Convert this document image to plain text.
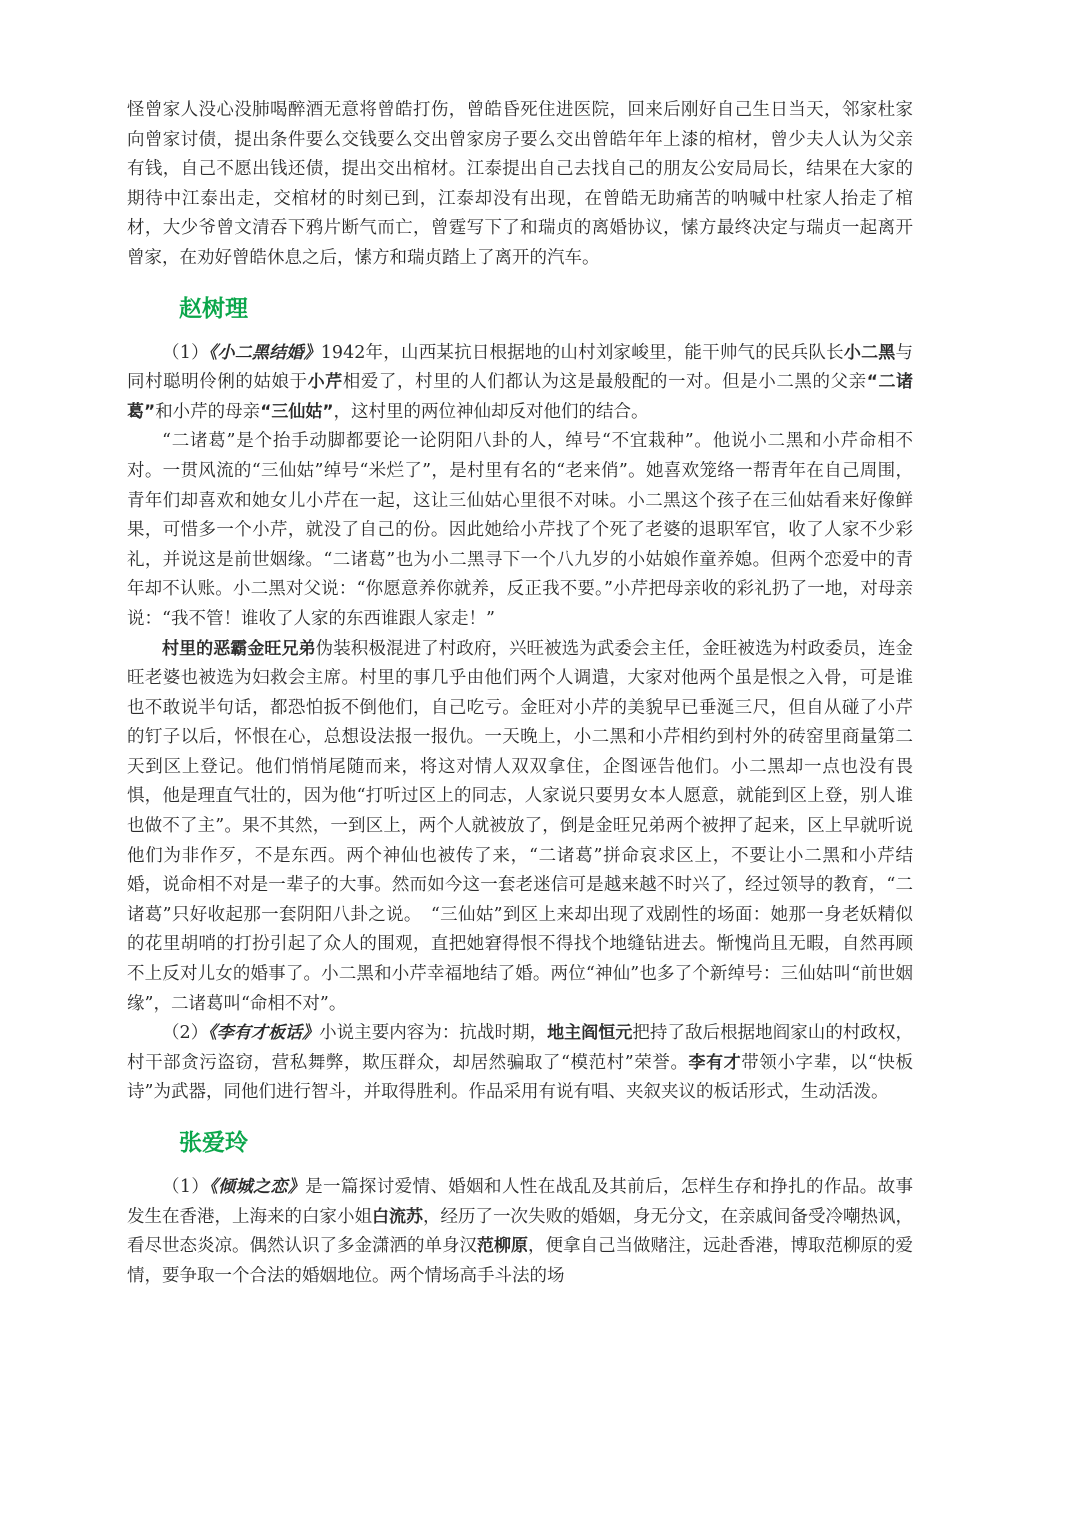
怪曾家人没心没肺喝醉酒无意将曾皓打伤，曾皓昏死住进医院，回来后刚好自己生日当天，邻家杜家向曾家讨债，提出条件要么交钱要么交出曾家房子要么交出曾皓年年上漆的棺材，曾少夫人认为父亲有钱，自己不愿出钱还债，提出交出棺材。江泰提出自己去找自己的朋友公安局局长，结果在大家的期待中江泰出走，交棺材的时刻已到，江泰却没有出现，在曾皓无助痛苦的呐喊中杜家人抬走了棺材，大少爷曾文清吞下鸦片断气而亡，曾霆写下了和瑞贞的离婚协议，愫方最终决定与瑞贞一起离开曾家，在劝好曾皓休息之后，愫方和瑞贞踏上了离开的汽车。

赵树理

（1）《小二黑结婚》1942年，山西某抗日根据地的山村刘家峻里，能干帅气的民兵队长小二黑与同村聪明伶俐的姑娘于小芹相爱了，村里的人们都认为这是最般配的一对。但是小二黑的父亲“二诸葛”和小芹的母亲“三仙姑”，这村里的两位神仙却反对他们的结合。

“二诸葛”是个抬手动脚都要论一论阴阳八卦的人，绰号“不宜栽种”。他说小二黑和小芹命相不对。一贯风流的“三仙姑”绰号“米烂了”，是村里有名的“老来俏”。她喜欢笼络一帮青年在自己周围，青年们却喜欢和她女儿小芹在一起，这让三仙姑心里很不对味。小二黑这个孩子在三仙姑看来好像鲜果，可惜多一个小芹，就没了自己的份。因此她给小芹找了个死了老婆的退职军官，收了人家不少彩礼，并说这是前世姻缘。“二诸葛”也为小二黑寻下一个八九岁的小姑娘作童养媳。但两个恋爱中的青年却不认账。小二黑对父说：“你愿意养你就养，反正我不要。”小芹把母亲收的彩礼扔了一地，对母亲说：“我不管！谁收了人家的东西谁跟人家走！”

村里的恶霸金旺兄弟伪装积极混进了村政府，兴旺被选为武委会主任，金旺被选为村政委员，连金旺老婆也被选为妇救会主席。村里的事几乎由他们两个人调遣，大家对他两个虽是恨之入骨，可是谁也不敢说半句话，都恐怕扳不倒他们，自己吃亏。金旺对小芹的美貌早已垂涎三尺，但自从碰了小芹的钉子以后，怀恨在心，总想设法报一报仇。一天晚上，小二黑和小芹相约到村外的砖窑里商量第二天到区上登记。他们悄悄尾随而来，将这对情人双双拿住，企图诬告他们。小二黑却一点也没有畏惧，他是理直气壮的，因为他“打听过区上的同志，人家说只要男女本人愿意，就能到区上登，别人谁也做不了主”。果不其然，一到区上，两个人就被放了，倒是金旺兄弟两个被押了起来，区上早就听说他们为非作歹，不是东西。两个神仙也被传了来，“二诸葛”拼命哀求区上，不要让小二黑和小芹结婚，说命相不对是一辈子的大事。然而如今这一套老迷信可是越来越不时兴了，经过领导的教育，“二诸葛”只好收起那一套阴阳八卦之说。　“三仙姑”到区上来却出现了戏剧性的场面：她那一身老妖精似的花里胡哨的打扮引起了众人的围观，直把她窘得恨不得找个地缝钻进去。惭愧尚且无暇，自然再顾不上反对儿女的婚事了。小二黑和小芹幸福地结了婚。两位“神仙”也多了个新绰号：三仙姑叫“前世姻缘”，二诸葛叫“命相不对”。

（2）《李有才板话》小说主要内容为：抗战时期，地主阎恒元把持了敌后根据地阎家山的村政权，村干部贪污盗窃，营私舞弊，欺压群众，却居然骗取了“模范村”荣誉。李有才带领小字辈，以“快板诗”为武器，同他们进行智斗，并取得胜利。作品采用有说有唱、夹叙夹议的板话形式，生动活泼。

张爱玲

（1）《倾城之恋》是一篇探讨爱情、婚姻和人性在战乱及其前后，怎样生存和挣扎的作品。故事发生在香港，上海来的白家小姐白流苏，经历了一次失败的婚姻，身无分文，在亲戚间备受冷嘲热讽，看尽世态炎凉。偶然认识了多金潇洒的单身汉范柳原，便拿自己当做赌注，远赴香港，博取范柳原的爱情，要争取一个合法的婚姻地位。两个情场高手斗法的场
